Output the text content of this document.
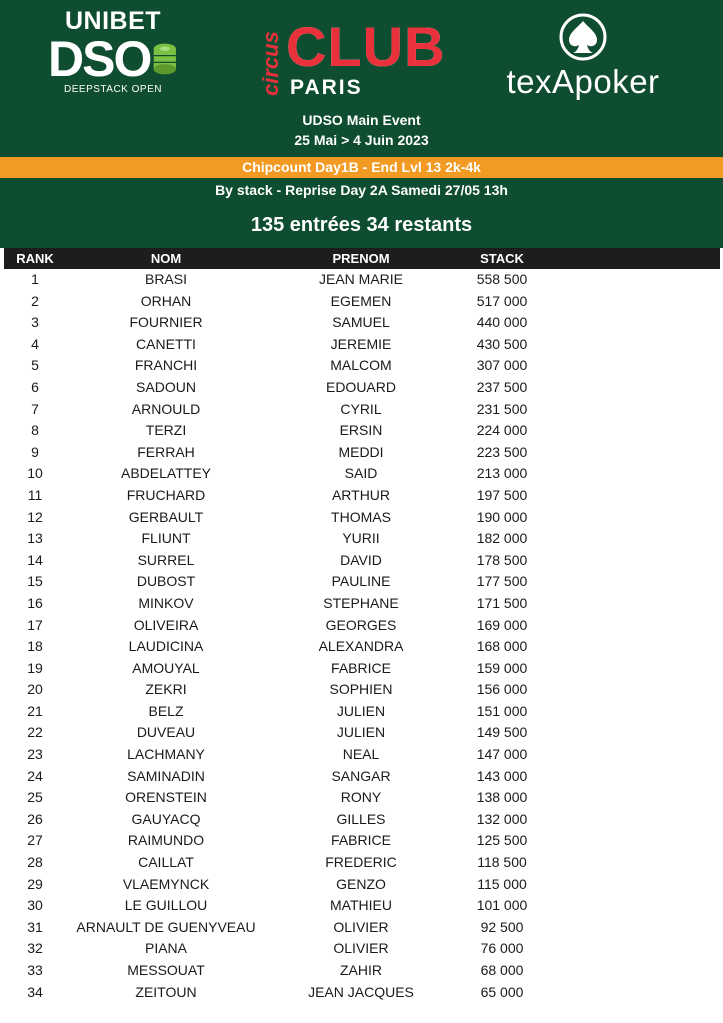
UNIBET
DSO
DEEPSTACK OPEN	circus CLUB
PARIS	texApoker
UDSO Main Event
25 Mai > 4 Juin 2023
Chipcount Day1B - End Lvl 13 2k-4k
By stack - Reprise Day 2A Samedi 27/05 13h
135 entrées 34 restants
RANK	NOM	PRENOM	STACK
1	BRASI	JEAN MARIE	558 500
2	ORHAN	EGEMEN	517 000
3	FOURNIER	SAMUEL	440 000
4	CANETTI	JEREMIE	430 500
5	FRANCHI	MALCOM	307 000
6	SADOUN	EDOUARD	237 500
7	ARNOULD	CYRIL	231 500
8	TERZI	ERSIN	224 000
9	FERRAH	MEDDI	223 500
10	ABDELATTEY	SAID	213 000
11	FRUCHARD	ARTHUR	197 500
12	GERBAULT	THOMAS	190 000
13	FLIUNT	YURII	182 000
14	SURREL	DAVID	178 500
15	DUBOST	PAULINE	177 500
16	MINKOV	STEPHANE	171 500
17	OLIVEIRA	GEORGES	169 000
18	LAUDICINA	ALEXANDRA	168 000
19	AMOUYAL	FABRICE	159 000
20	ZEKRI	SOPHIEN	156 000
21	BELZ	JULIEN	151 000
22	DUVEAU	JULIEN	149 500
23	LACHMANY	NEAL	147 000
24	SAMINADIN	SANGAR	143 000
25	ORENSTEIN	RONY	138 000
26	GAUYACQ	GILLES	132 000
27	RAIMUNDO	FABRICE	125 500
28	CAILLAT	FREDERIC	118 500
29	VLAEMYNCK	GENZO	115 000
30	LE GUILLOU	MATHIEU	101 000
31	ARNAULT DE GUENYVEAU	OLIVIER	92 500
32	PIANA	OLIVIER	76 000
33	MESSOUAT	ZAHIR	68 000
34	ZEITOUN	JEAN JACQUES	65 000
